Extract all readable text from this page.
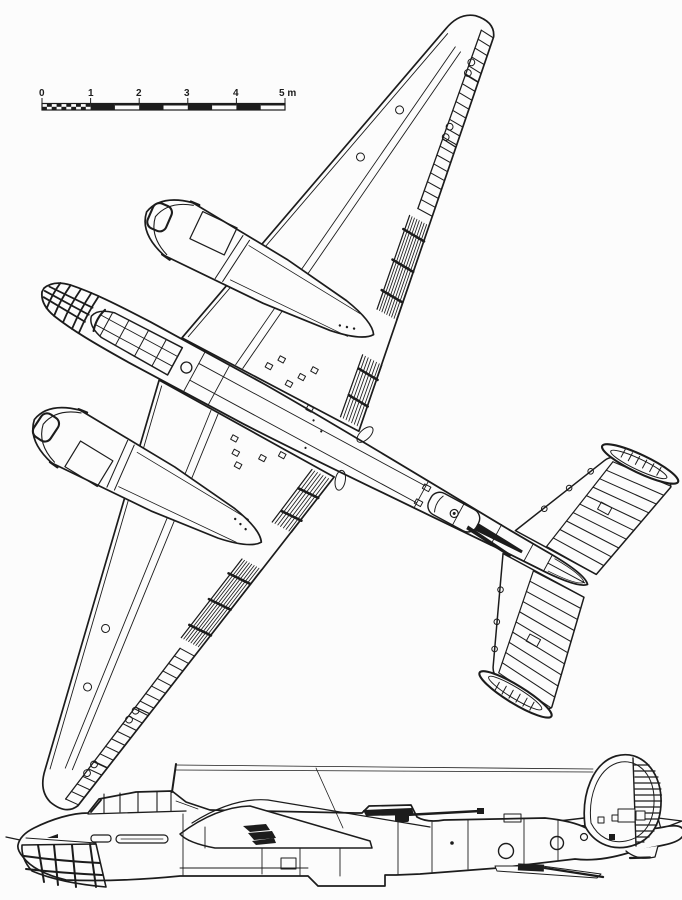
0	1	2	3	4	5 m
